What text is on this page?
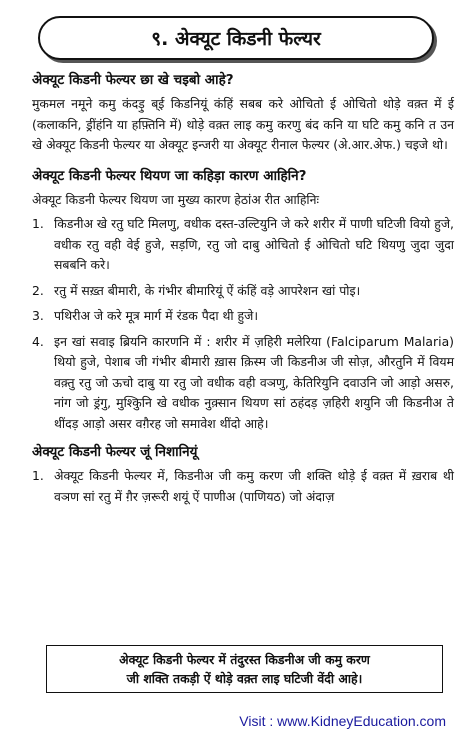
९. अेक्यूट किडनी फेल्यर
अेक्यूट किडनी फेल्यर छा खे चइबो आहे?

मुकमल नमूने कमु कंदड़ु ब्ई किडनियूं कंहिं सबब करे ओचितो ई ओचितो थोड़े वक़्त में ई (कलाकनि, ड्रींहंनि या हफ़्तिनि में) थोड़े वक़्त लाइ कमु करणु बंद कनि या घटि कमु कनि त उन खे अेक्यूट किडनी फेल्यर या अेक्यूट इन्जरी या अेक्यूट रीनाल फेल्यर (अे.आर.अेफ.) चइजे थो।

अेक्यूट किडनी फेल्यर थियण जा कहिड़ा कारण आहिनि?

अेक्यूट किडनी फेल्यर थियण जा मुख्य कारण हेठांअ रीत आहिनिः

1. किडनीअ खे रतु घटि मिलणु, वधीक दस्त-उल्टियुनि जे करे शरीर में पाणी घटिजी वियो हुजे, वधीक रतु वही वेई हुजे, सड़णि, रतु जो दाबु ओचितो ई ओचितो घटि थियणु जुदा जुदा सबबनि करे।
2. रतु में सख़्त बीमारी, के गंभीर बीमारियूं ऐं कंहिं वड़े आपरेशन खां पोइ।
3. पथिरीअ जे करे मूत्र मार्ग में रंडक पैदा थी हुजे।
4. इन खां सवाइ ब्रियनि कारणनि में : शरीर में ज़हिरी मलेरिया (Falciparum Malaria) थियो हुजे, पेशाब जी गंभीर बीमारी ख़ास क़िस्म जी किडनीअ जी सोज़, औरतुनि में वियम वक़्तु रतु जो ऊचो दाबु या रतु जो वधीक वही वञणु, केतिरियुनि दवाउनि जो आड़ो असरु, नांग जो ड्रंगु, मुश्किुनि खे वधीक नुक़्सान थियण सां ठहंदड़ ज़हिरी शयुनि जी किडनीअ ते थींदड़ आड़ो असर वग़ैरह जो समावेश थींदो आहे।
अेक्यूट किडनी फेल्यर जूं निशानियूं
1. अेक्यूट किडनी फेल्यर में, किडनीअ जी कमु करण जी शक्ति थोड़े ई वक़्त में ख़राब थी वञण सां रतु में ग़ैर ज़रूरी शयूं ऐं पाणीअ (पाणियठ) जो अंदाज़
अेक्यूट किडनी फेल्यर में तंदुरस्त किडनीअ जी कमु करण
जी शक्ति तकड़ी ऐं थोड़े वक़्त लाइ घटिजी वेंदी आहे।
Visit : www.KidneyEducation.com
